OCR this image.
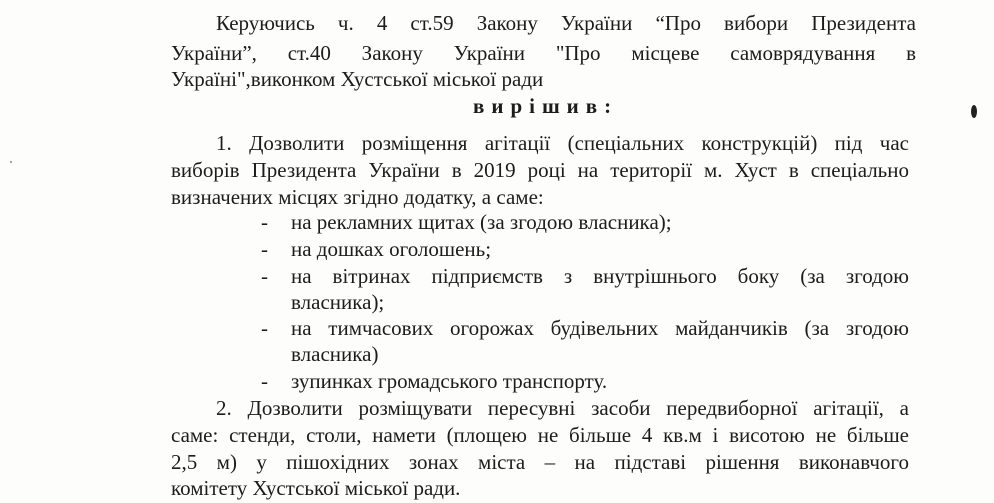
Керуючись ч. 4 ст.59 Закону України “Про вибори Президента
України”, ст.40 Закону України "Про місцеве самоврядування в
Україні",виконком Хустської міської ради
вирішив:
1. Дозволити розміщення агітації (спеціальних конструкцій) під час
виборів Президента України в 2019 році на території м. Хуст в спеціально
визначених місцях згідно додатку, а саме:
- на рекламних щитах (за згодою власника);
- на дошках оголошень;
- на вітринах підприємств з внутрішнього боку (за згодою
власника);
- на тимчасових огорожах будівельних майданчиків (за згодою
власника)
- зупинках громадського транспорту.
2. Дозволити розміщувати пересувні засоби передвиборної агітації, а
саме: стенди, столи, намети (площею не більше 4 кв.м і висотою не більше
2,5 м) у пішохідних зонах міста – на підставі рішення виконавчого
комітету Хустської міської ради.
